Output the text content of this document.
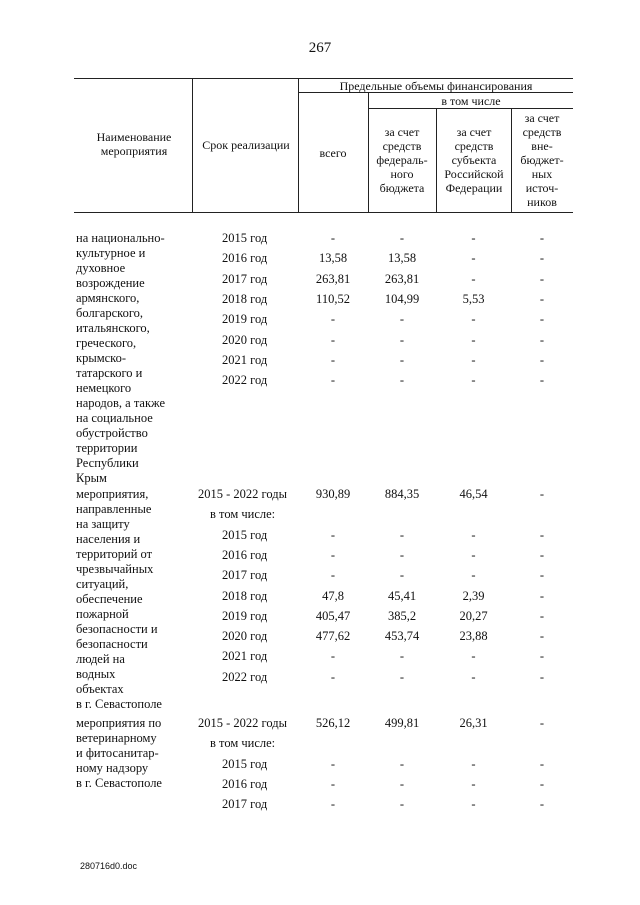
267
Наименование мероприятия	Срок реализации
Предельные объемы финансирования
в том числе
всего
за счет средств федераль-ного бюджета
за счет средств субъекта Российской Федерации
за счет средств вне-бюджет-ных источ-ников
на национально-
культурное и
духовное
возрождение
армянского,
болгарского,
итальянского,
греческого,
крымско-
татарского и
немецкого
народов, а также
на социальное
обустройство
территории
Республики
Крым
2015 год	-	-	-	-
2016 год	13,58	13,58	-	-
2017 год	263,81	263,81	-	-
2018 год	110,52	104,99	5,53	-
2019 год	-	-	-	-
2020 год	-	-	-	-
2021 год	-	-	-	-
2022 год	-	-	-	-
мероприятия,
направленные
на защиту
населения и
территорий от
чрезвычайных
ситуаций,
обеспечение
пожарной
безопасности и
безопасности
людей на
водных
объектах
в г. Севастополе
2015 - 2022 годы	930,89	884,35	46,54	-
в том числе:
2015 год	-	-	-	-
2016 год	-	-	-	-
2017 год	-	-	-	-
2018 год	47,8	45,41	2,39	-
2019 год	405,47	385,2	20,27	-
2020 год	477,62	453,74	23,88	-
2021 год	-	-	-	-
2022 год	-	-	-	-
мероприятия по
ветеринарному
и фитосанитар-
ному надзору
в г. Севастополе
2015 - 2022 годы	526,12	499,81	26,31	-
в том числе:
2015 год	-	-	-	-
2016 год	-	-	-	-
2017 год	-	-	-	-
280716d0.doc
